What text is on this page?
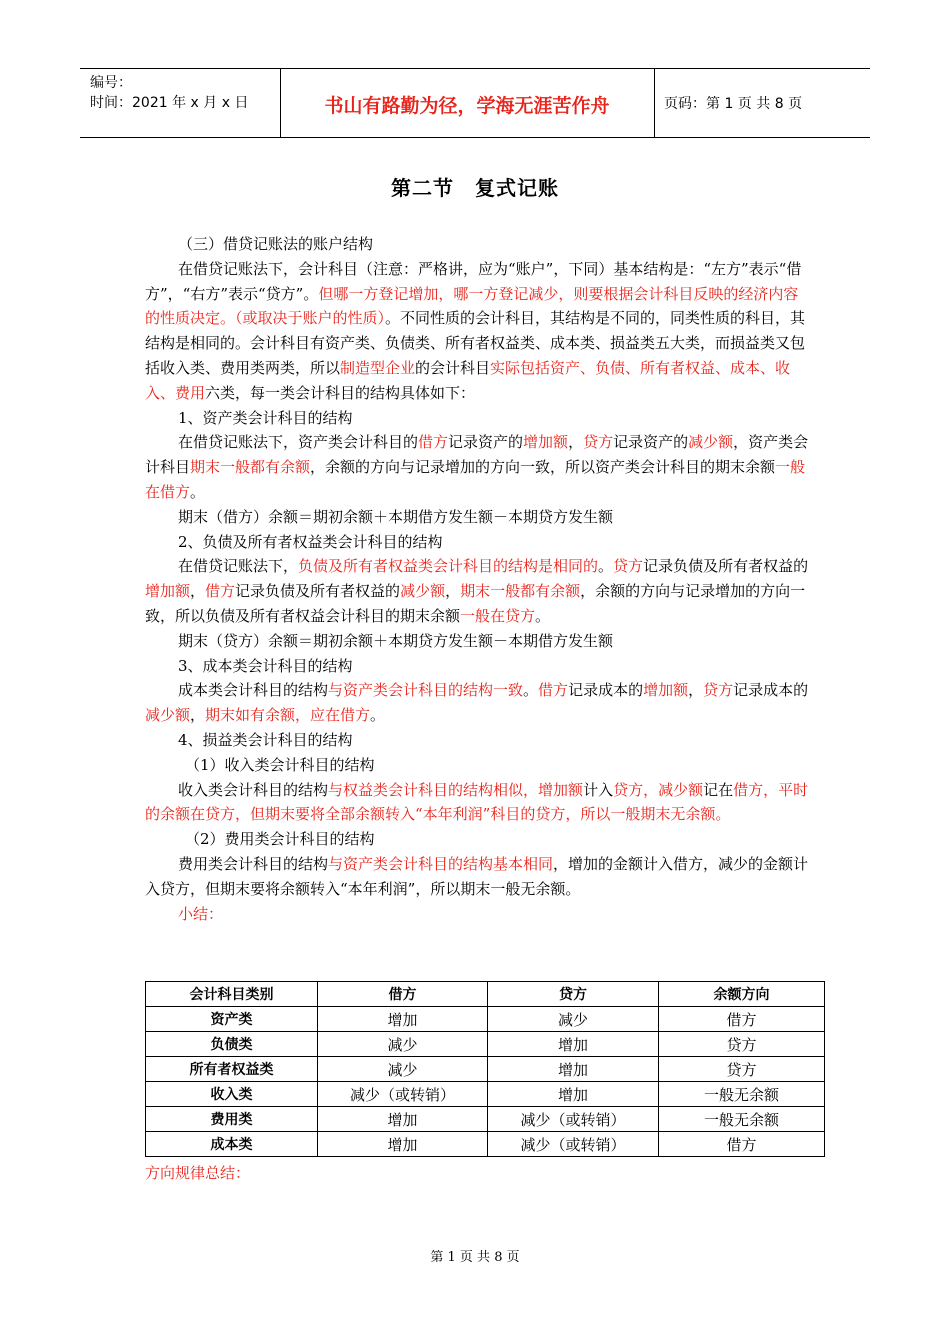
编号：
时间：2021 年 x 月 x 日	书山有路勤为径，学海无涯苦作舟	页码：第 1 页 共 8 页
第二节　复式记账

（三）借贷记账法的账户结构

在借贷记账法下，会计科目（注意：严格讲，应为“账户”，下同）基本结构是：“左方”表示“借方”，“右方”表示“贷方”。但哪一方登记增加，哪一方登记减少，则要根据会计科目反映的经济内容的性质决定。（或取决于账户的性质）。不同性质的会计科目，其结构是不同的，同类性质的科目，其结构是相同的。会计科目有资产类、负债类、所有者权益类、成本类、损益类五大类，而损益类又包括收入类、费用类两类，所以制造型企业的会计科目实际包括资产、负债、所有者权益、成本、收入、费用六类，每一类会计科目的结构具体如下：

1、资产类会计科目的结构

在借贷记账法下，资产类会计科目的借方记录资产的增加额，贷方记录资产的减少额，资产类会计科目期末一般都有余额，余额的方向与记录增加的方向一致，所以资产类会计科目的期末余额一般在借方。

期末（借方）余额＝期初余额＋本期借方发生额－本期贷方发生额

2、负债及所有者权益类会计科目的结构

在借贷记账法下，负债及所有者权益类会计科目的结构是相同的。贷方记录负债及所有者权益的增加额，借方记录负债及所有者权益的减少额，期末一般都有余额，余额的方向与记录增加的方向一致，所以负债及所有者权益会计科目的期末余额一般在贷方。

期末（贷方）余额＝期初余额＋本期贷方发生额－本期借方发生额

3、成本类会计科目的结构

成本类会计科目的结构与资产类会计科目的结构一致。借方记录成本的增加额，贷方记录成本的减少额，期末如有余额，应在借方。

4、损益类会计科目的结构

（1）收入类会计科目的结构

收入类会计科目的结构与权益类会计科目的结构相似，增加额计入贷方，减少额记在借方，平时的余额在贷方，但期末要将全部余额转入“本年利润”科目的贷方，所以一般期末无余额。

（2）费用类会计科目的结构

费用类会计科目的结构与资产类会计科目的结构基本相同，增加的金额计入借方，减少的金额计入贷方，但期末要将余额转入“本年利润”，所以期末一般无余额。

小结：

会计科目类别	借方	贷方	余额方向
资产类	增加	减少	借方
负债类	减少	增加	贷方
所有者权益类	减少	增加	贷方
收入类	减少（或转销）	增加	一般无余额
费用类	增加	减少（或转销）	一般无余额
成本类	增加	减少（或转销）	借方
方向规律总结：
第 1 页 共 8 页
